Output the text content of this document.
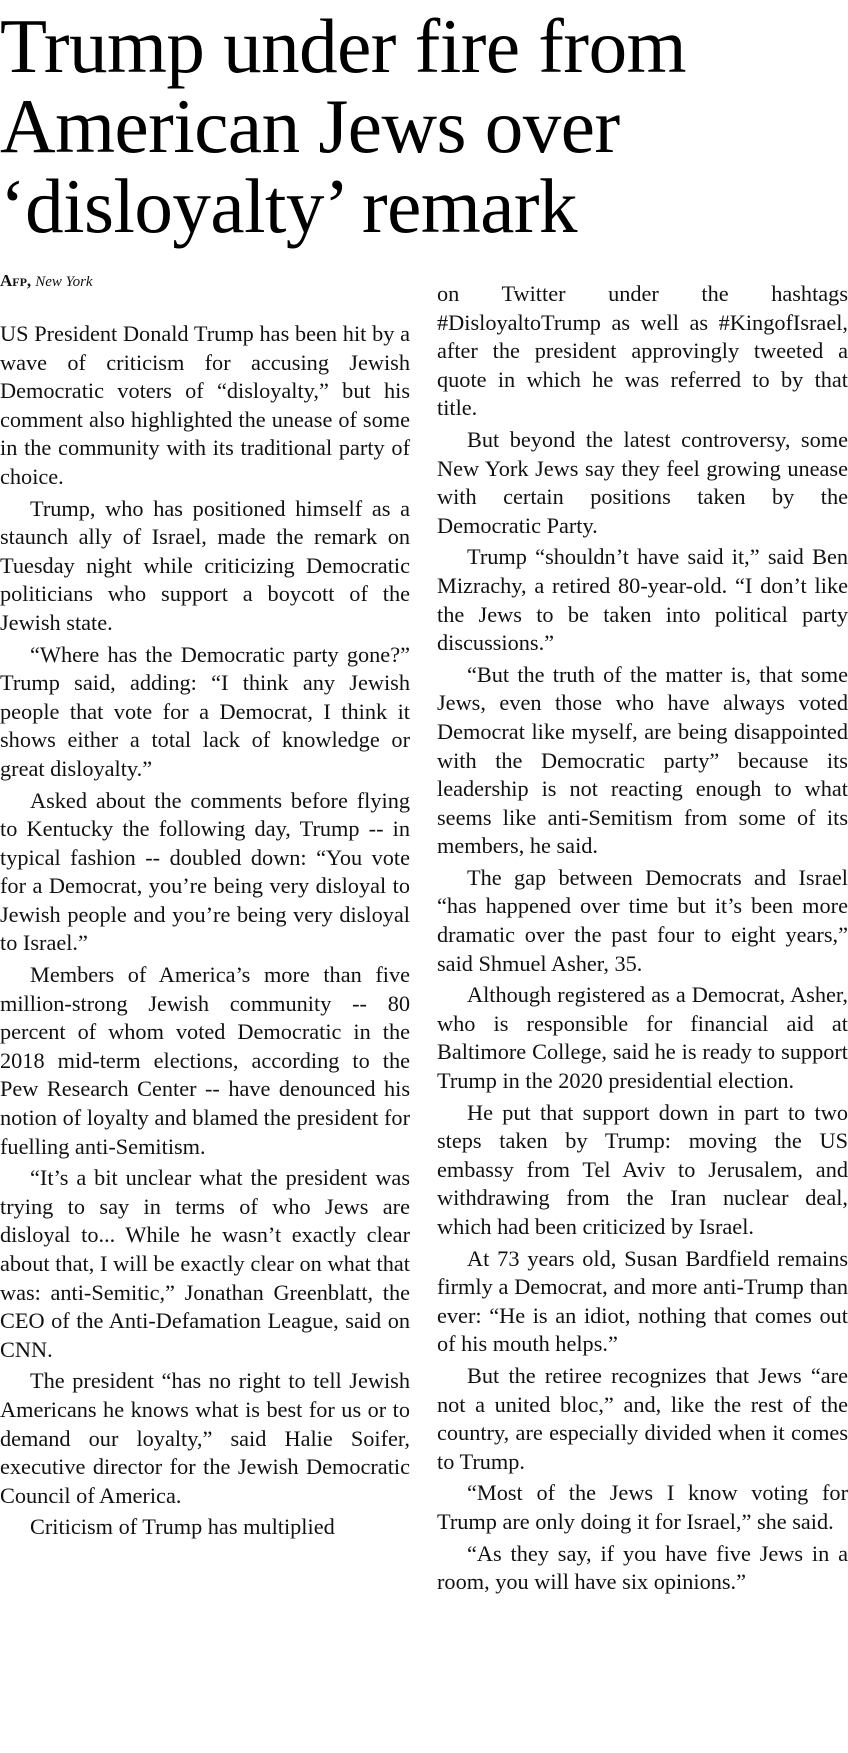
Trump under fire from
American Jews over
‘disloyalty’ remark
Afp, New York

US President Donald Trump has been hit by a wave of criticism for accusing Jewish Democratic voters of “disloyalty,” but his comment also highlighted the unease of some in the community with its traditional party of choice.

Trump, who has positioned himself as a staunch ally of Israel, made the remark on Tuesday night while criticizing Democratic politicians who support a boycott of the Jewish state.

“Where has the Democratic party gone?” Trump said, adding: “I think any Jewish people that vote for a Democrat, I think it shows either a total lack of knowledge or great disloyalty.”

Asked about the comments before flying to Kentucky the following day, Trump -- in typical fashion -- doubled down: “You vote for a Democrat, you’re being very disloyal to Jewish people and you’re being very disloyal to Israel.”

Members of America’s more than five million-strong Jewish community -- 80 percent of whom voted Democratic in the 2018 mid-term elections, according to the Pew Research Center -- have denounced his notion of loyalty and blamed the president for fuelling anti-Semitism.

“It’s a bit unclear what the president was trying to say in terms of who Jews are disloyal to... While he wasn’t exactly clear about that, I will be exactly clear on what that was: anti-Semitic,” Jonathan Greenblatt, the CEO of the Anti-Defamation League, said on CNN.

The president “has no right to tell Jewish Americans he knows what is best for us or to demand our loyalty,” said Halie Soifer, executive director for the Jewish Democratic Council of America.

Criticism of Trump has multiplied

on Twitter under the hashtags #DisloyaltoTrump as well as #KingofIsrael, after the president approvingly tweeted a quote in which he was referred to by that title.

But beyond the latest controversy, some New York Jews say they feel growing unease with certain positions taken by the Democratic Party.

Trump “shouldn’t have said it,” said Ben Mizrachy, a retired 80-year-old. “I don’t like the Jews to be taken into political party discussions.”

“But the truth of the matter is, that some Jews, even those who have always voted Democrat like myself, are being disappointed with the Democratic party” because its leadership is not reacting enough to what seems like anti-Semitism from some of its members, he said.

The gap between Democrats and Israel “has happened over time but it’s been more dramatic over the past four to eight years,” said Shmuel Asher, 35.

Although registered as a Democrat, Asher, who is responsible for financial aid at Baltimore College, said he is ready to support Trump in the 2020 presidential election.

He put that support down in part to two steps taken by Trump: moving the US embassy from Tel Aviv to Jerusalem, and withdrawing from the Iran nuclear deal, which had been criticized by Israel.

At 73 years old, Susan Bardfield remains firmly a Democrat, and more anti-Trump than ever: “He is an idiot, nothing that comes out of his mouth helps.”

But the retiree recognizes that Jews “are not a united bloc,” and, like the rest of the country, are especially divided when it comes to Trump.

“Most of the Jews I know voting for Trump are only doing it for Israel,” she said.

“As they say, if you have five Jews in a room, you will have six opinions.”
